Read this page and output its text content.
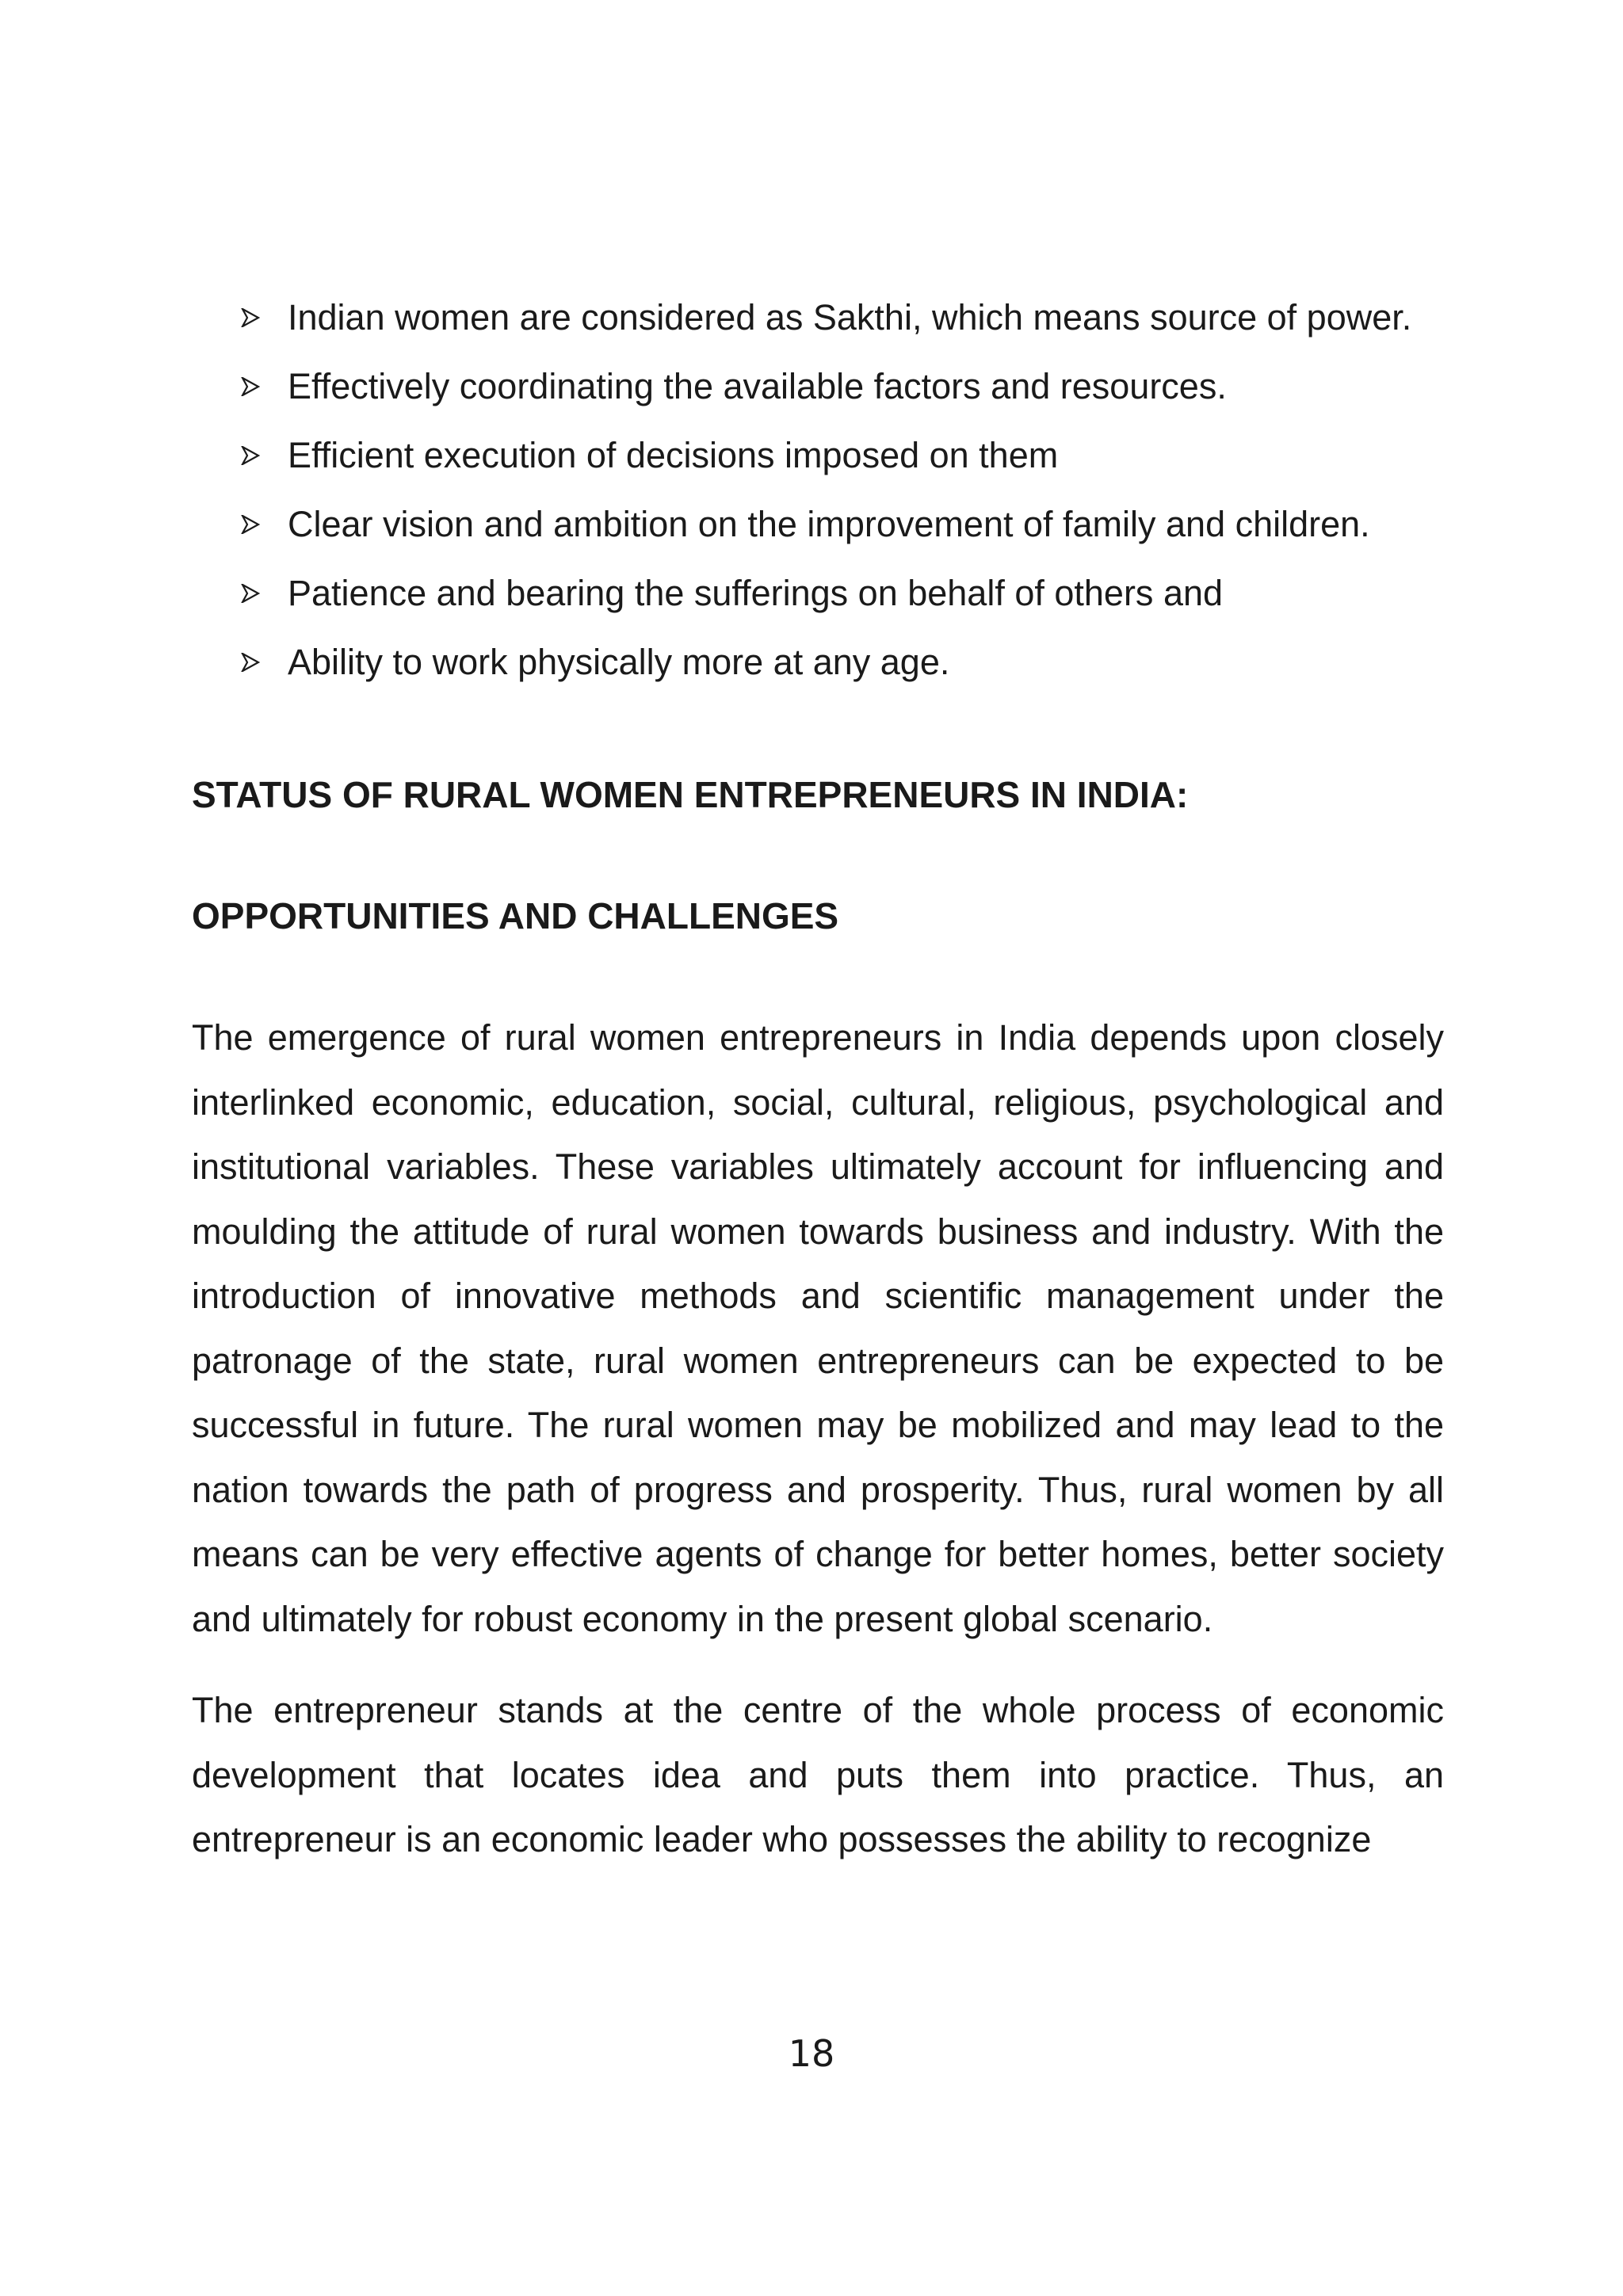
Indian women are considered as Sakthi, which means source of power.
Effectively coordinating the available factors and resources.
Efficient execution of decisions imposed on them
Clear vision and ambition on the improvement of family and children.
Patience and bearing the sufferings on behalf of others and
Ability to work physically more at any age.
STATUS OF RURAL WOMEN ENTREPRENEURS IN INDIA:
OPPORTUNITIES AND CHALLENGES

The emergence of rural women entrepreneurs in India depends upon closely interlinked economic, education, social, cultural, religious, psychological and institutional variables. These variables ultimately account for influencing and moulding the attitude of rural women towards business and industry. With the introduction of innovative methods and scientific management under the patronage of the state, rural women entrepreneurs can be expected to be successful in future. The rural women may be mobilized and may lead to the nation towards the path of progress and prosperity. Thus, rural women by all means can be very effective agents of change for better homes, better society and ultimately for robust economy in the present global scenario.

The entrepreneur stands at the centre of the whole process of economic development that locates idea and puts them into practice. Thus, an entrepreneur is an economic leader who possesses the ability to recognize

18
